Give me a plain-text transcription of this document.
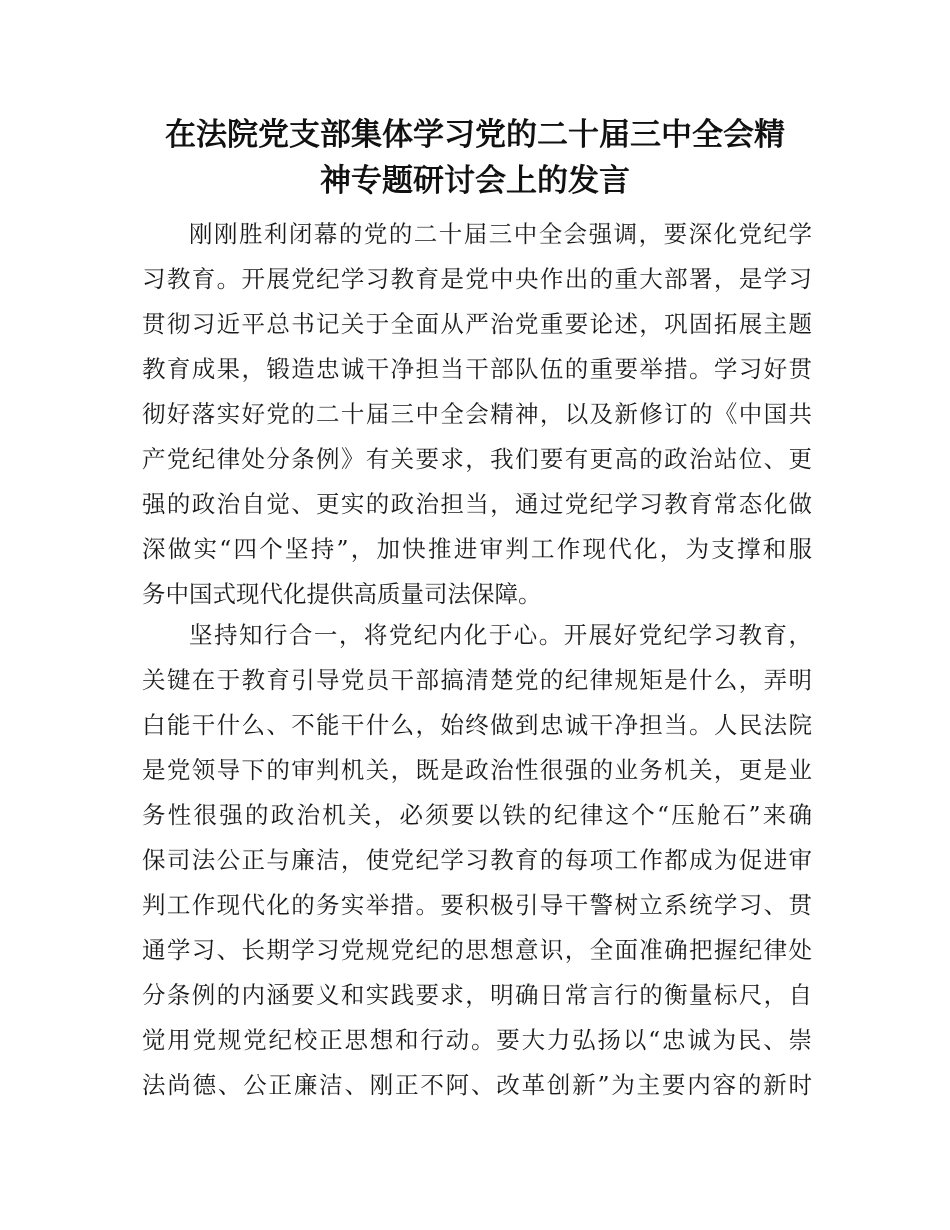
在法院党支部集体学习党的二十届三中全会精
神专题研讨会上的发言

刚刚胜利闭幕的党的二十届三中全会强调，要深化党纪学
习教育。开展党纪学习教育是党中央作出的重大部署，是学习
贯彻习近平总书记关于全面从严治党重要论述，巩固拓展主题
教育成果，锻造忠诚干净担当干部队伍的重要举措。学习好贯
彻好落实好党的二十届三中全会精神，以及新修订的《中国共
产党纪律处分条例》有关要求，我们要有更高的政治站位、更
强的政治自觉、更实的政治担当，通过党纪学习教育常态化做
深做实“四个坚持”，加快推进审判工作现代化，为支撑和服
务中国式现代化提供高质量司法保障。

坚持知行合一，将党纪内化于心。开展好党纪学习教育，
关键在于教育引导党员干部搞清楚党的纪律规矩是什么，弄明
白能干什么、不能干什么，始终做到忠诚干净担当。人民法院
是党领导下的审判机关，既是政治性很强的业务机关，更是业
务性很强的政治机关，必须要以铁的纪律这个“压舱石”来确
保司法公正与廉洁，使党纪学习教育的每项工作都成为促进审
判工作现代化的务实举措。要积极引导干警树立系统学习、贯
通学习、长期学习党规党纪的思想意识，全面准确把握纪律处
分条例的内涵要义和实践要求，明确日常言行的衡量标尺，自
觉用党规党纪校正思想和行动。要大力弘扬以“忠诚为民、崇
法尚德、公正廉洁、刚正不阿、改革创新”为主要内容的新时
